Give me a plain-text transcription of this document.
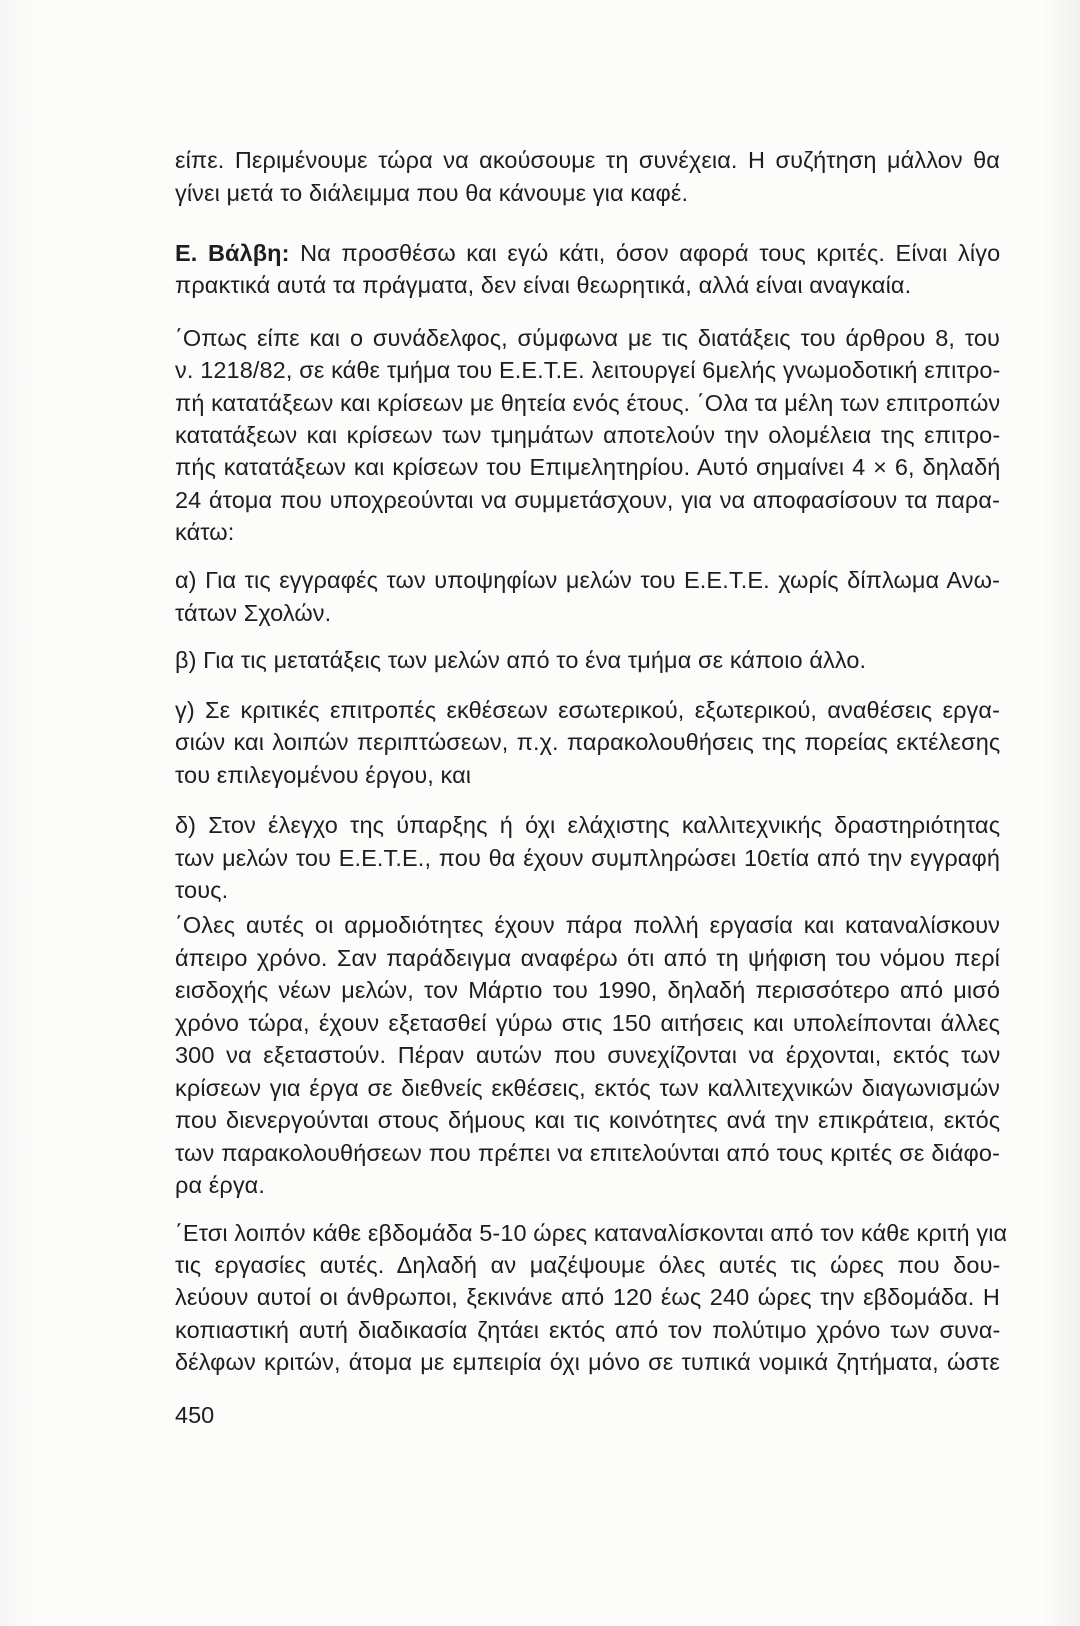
είπε. Περιμένουμε τώρα να ακούσουμε τη συνέχεια. Η συζήτηση μάλλον θα
γίνει μετά το διάλειμμα που θα κάνουμε για καφέ.
Ε. Βάλβη: Να προσθέσω και εγώ κάτι, όσον αφορά τους κριτές. Είναι λίγο
πρακτικά αυτά τα πράγματα, δεν είναι θεωρητικά, αλλά είναι αναγκαία.
΄Οπως είπε και ο συνάδελφος, σύμφωνα με τις διατάξεις του άρθρου 8, του
ν. 1218/82, σε κάθε τμήμα του Ε.Ε.Τ.Ε. λειτουργεί 6μελής γνωμοδοτική επιτρο-
πή κατατάξεων και κρίσεων με θητεία ενός έτους. ΄Ολα τα μέλη των επιτροπών
κατατάξεων και κρίσεων των τμημάτων αποτελούν την ολομέλεια της επιτρο-
πής κατατάξεων και κρίσεων του Επιμελητηρίου. Αυτό σημαίνει 4 × 6, δηλαδή
24 άτομα που υποχρεούνται να συμμετάσχουν, για να αποφασίσουν τα παρα-
κάτω:
α) Για τις εγγραφές των υποψηφίων μελών του Ε.Ε.Τ.Ε. χωρίς δίπλωμα Ανω-
τάτων Σχολών.
β) Για τις μετατάξεις των μελών από το ένα τμήμα σε κάποιο άλλο.
γ) Σε κριτικές επιτροπές εκθέσεων εσωτερικού, εξωτερικού, αναθέσεις εργα-
σιών και λοιπών περιπτώσεων, π.χ. παρακολουθήσεις της πορείας εκτέλεσης
του επιλεγομένου έργου, και
δ) Στον έλεγχο της ύπαρξης ή όχι ελάχιστης καλλιτεχνικής δραστηριότητας
των μελών του Ε.Ε.Τ.Ε., που θα έχουν συμπληρώσει 10ετία από την εγγραφή
τους.
΄Ολες αυτές οι αρμοδιότητες έχουν πάρα πολλή εργασία και καταναλίσκουν
άπειρο χρόνο. Σαν παράδειγμα αναφέρω ότι από τη ψήφιση του νόμου περί
εισδοχής νέων μελών, τον Μάρτιο του 1990, δηλαδή περισσότερο από μισό
χρόνο τώρα, έχουν εξετασθεί γύρω στις 150 αιτήσεις και υπολείπονται άλλες
300 να εξεταστούν. Πέραν αυτών που συνεχίζονται να έρχονται, εκτός των
κρίσεων για έργα σε διεθνείς εκθέσεις, εκτός των καλλιτεχνικών διαγωνισμών
που διενεργούνται στους δήμους και τις κοινότητες ανά την επικράτεια, εκτός
των παρακολουθήσεων που πρέπει να επιτελούνται από τους κριτές σε διάφο-
ρα έργα.
΄Ετσι λοιπόν κάθε εβδομάδα 5-10 ώρες καταναλίσκονται από τον κάθε κριτή για
τις εργασίες αυτές. Δηλαδή αν μαζέψουμε όλες αυτές τις ώρες που δου-
λεύουν αυτοί οι άνθρωποι, ξεκινάνε από 120 έως 240 ώρες την εβδομάδα. Η
κοπιαστική αυτή διαδικασία ζητάει εκτός από τον πολύτιμο χρόνο των συνα-
δέλφων κριτών, άτομα με εμπειρία όχι μόνο σε τυπικά νομικά ζητήματα, ώστε
450
